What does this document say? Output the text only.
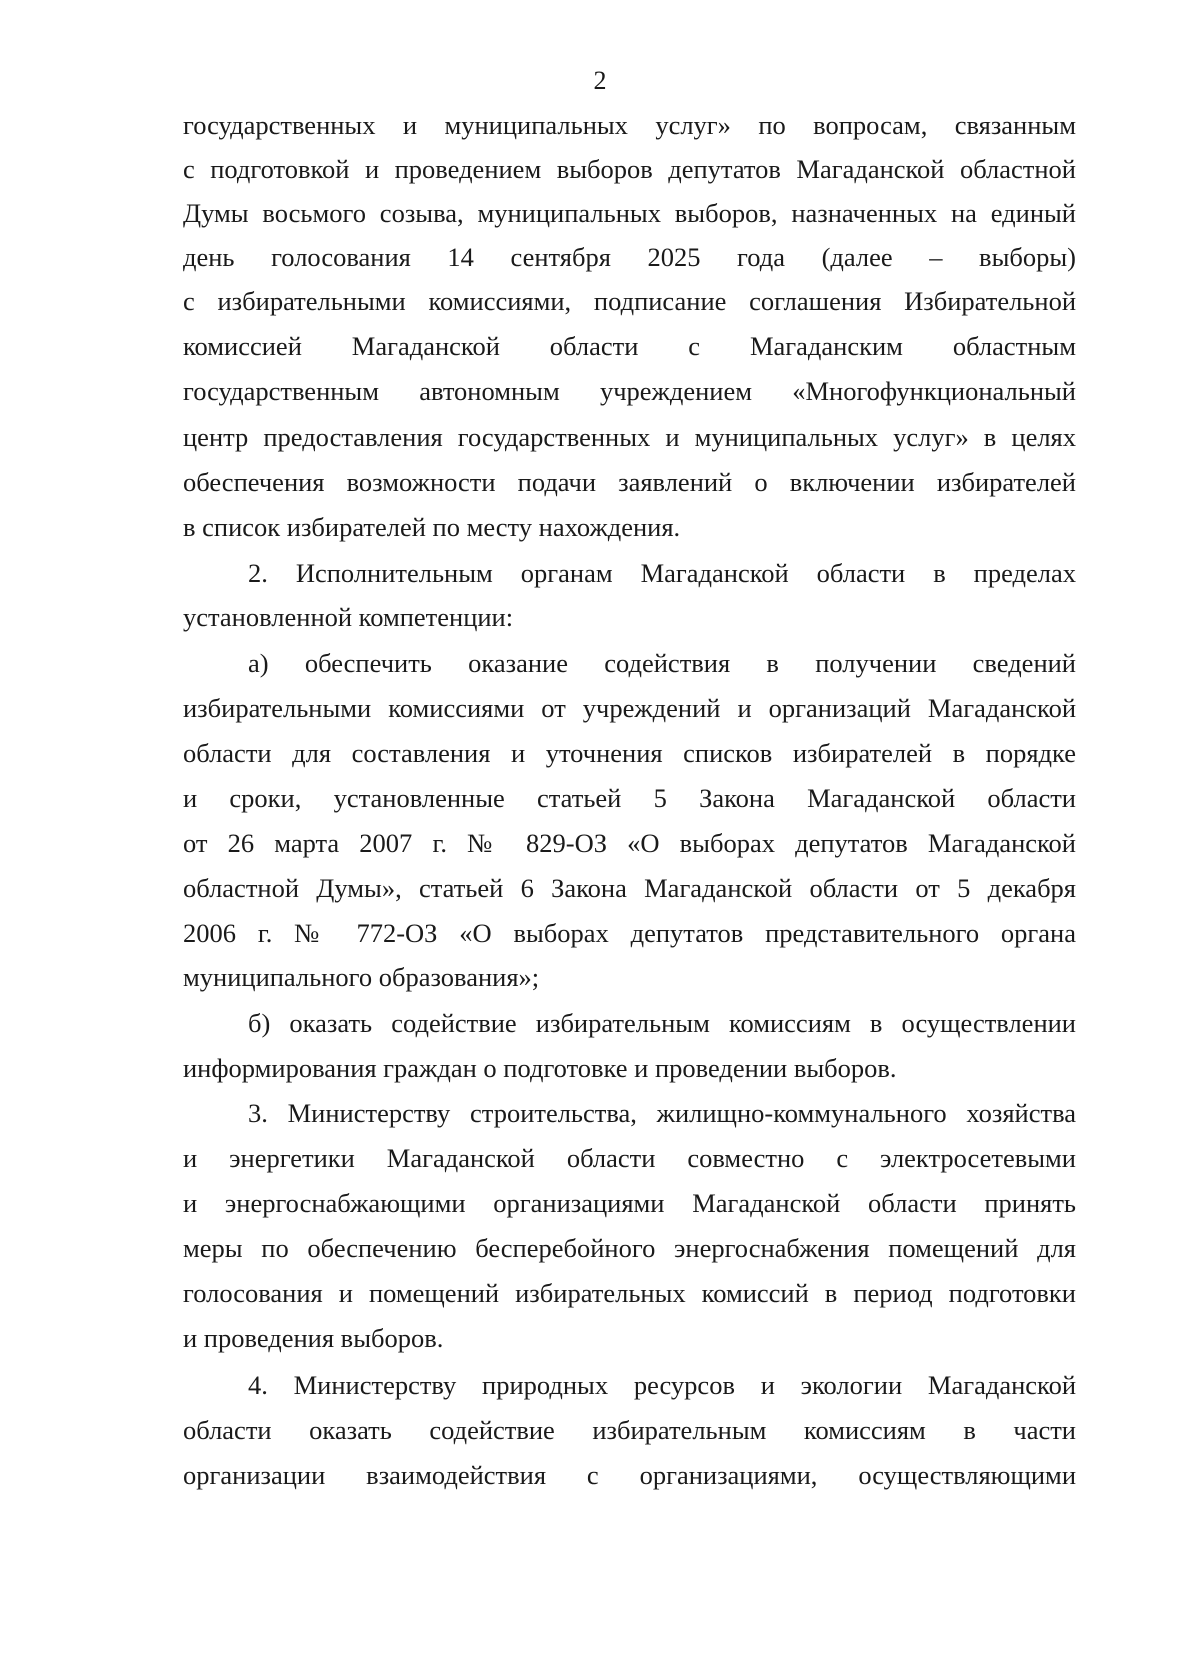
2
государственных и муниципальных услуг» по вопросам, связанным
с подготовкой и проведением выборов депутатов Магаданской областной
Думы восьмого созыва, муниципальных выборов, назначенных на единый
день голосования 14 сентября 2025 года (далее – выборы)
с избирательными комиссиями, подписание соглашения Избирательной
комиссией Магаданской области с Магаданским областным
государственным автономным учреждением «Многофункциональный
центр предоставления государственных и муниципальных услуг» в целях
обеспечения возможности подачи заявлений о включении избирателей
в список избирателей по месту нахождения.
2. Исполнительным органам Магаданской области в пределах
установленной компетенции:
а) обеспечить оказание содействия в получении сведений
избирательными комиссиями от учреждений и организаций Магаданской
области для составления и уточнения списков избирателей в порядке
и сроки, установленные статьей 5 Закона Магаданской области
от 26 марта 2007 г. № 829-ОЗ «О выборах депутатов Магаданской
областной Думы», статьей 6 Закона Магаданской области от 5 декабря
2006 г. № 772-ОЗ «О выборах депутатов представительного органа
муниципального образования»;
б) оказать содействие избирательным комиссиям в осуществлении
информирования граждан о подготовке и проведении выборов.
3. Министерству строительства, жилищно-коммунального хозяйства
и энергетики Магаданской области совместно с электросетевыми
и энергоснабжающими организациями Магаданской области принять
меры по обеспечению бесперебойного энергоснабжения помещений для
голосования и помещений избирательных комиссий в период подготовки
и проведения выборов.
4. Министерству природных ресурсов и экологии Магаданской
области оказать содействие избирательным комиссиям в части
организации взаимодействия с организациями, осуществляющими
